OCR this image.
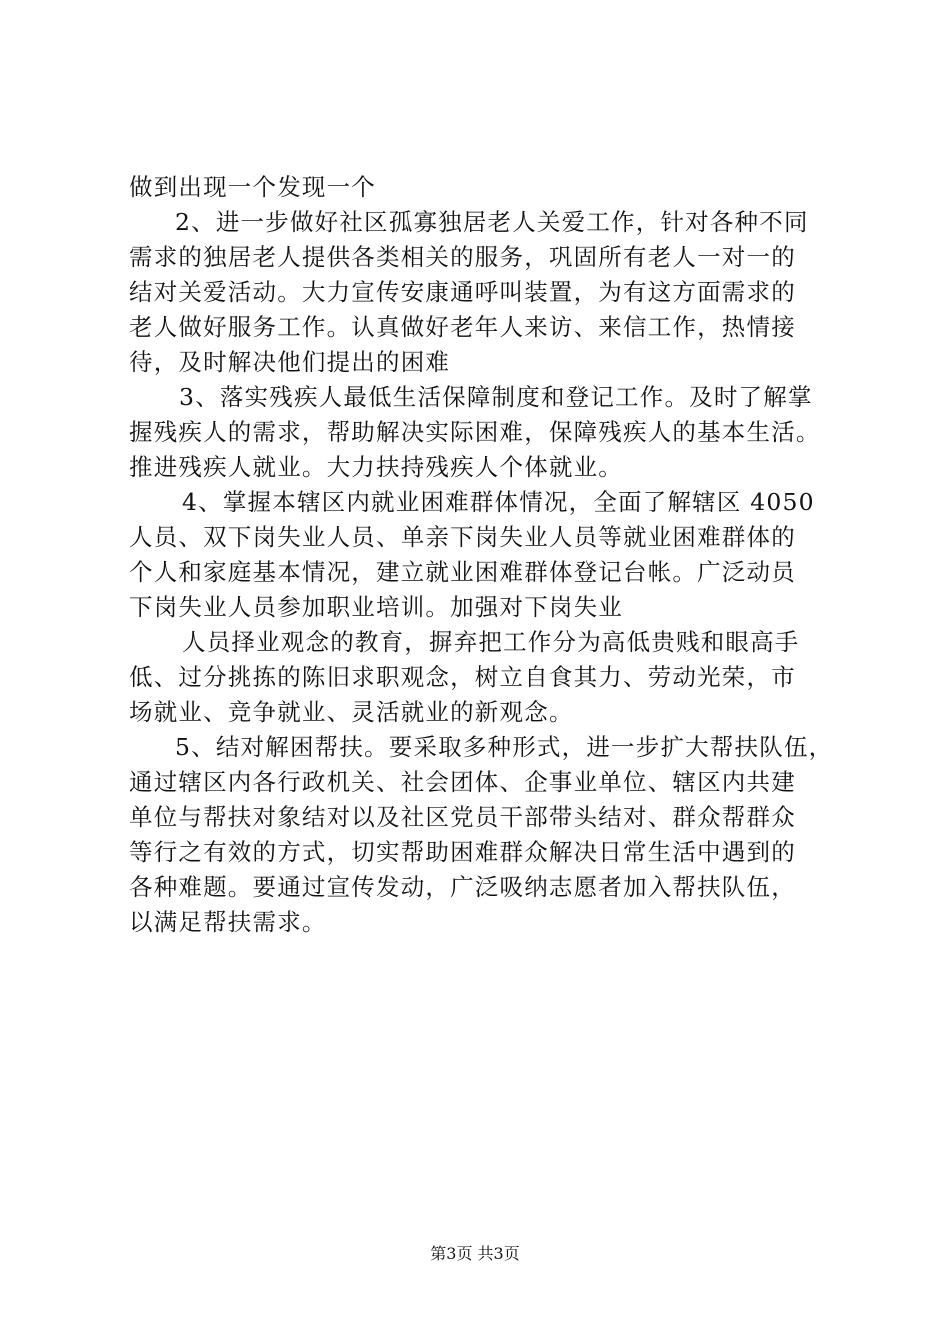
做到出现一个发现一个
2、进一步做好社区孤寡独居老人关爱工作，针对各种不同
需求的独居老人提供各类相关的服务，巩固所有老人一对一的
结对关爱活动。大力宣传安康通呼叫装置，为有这方面需求的
老人做好服务工作。认真做好老年人来访、来信工作，热情接
待，及时解决他们提出的困难
3、落实残疾人最低生活保障制度和登记工作。及时了解掌
握残疾人的需求，帮助解决实际困难，保障残疾人的基本生活。
推进残疾人就业。大力扶持残疾人个体就业。
4、掌握本辖区内就业困难群体情况，全面了解辖区 4050
人员、双下岗失业人员、单亲下岗失业人员等就业困难群体的
个人和家庭基本情况，建立就业困难群体登记台帐。广泛动员
下岗失业人员参加职业培训。加强对下岗失业
人员择业观念的教育，摒弃把工作分为高低贵贱和眼高手
低、过分挑拣的陈旧求职观念，树立自食其力、劳动光荣，市
场就业、竞争就业、灵活就业的新观念。
5、结对解困帮扶。要采取多种形式，进一步扩大帮扶队伍，
通过辖区内各行政机关、社会团体、企事业单位、辖区内共建
单位与帮扶对象结对以及社区党员干部带头结对、群众帮群众
等行之有效的方式，切实帮助困难群众解决日常生活中遇到的
各种难题。要通过宣传发动，广泛吸纳志愿者加入帮扶队伍，
以满足帮扶需求。
第3页 共3页
